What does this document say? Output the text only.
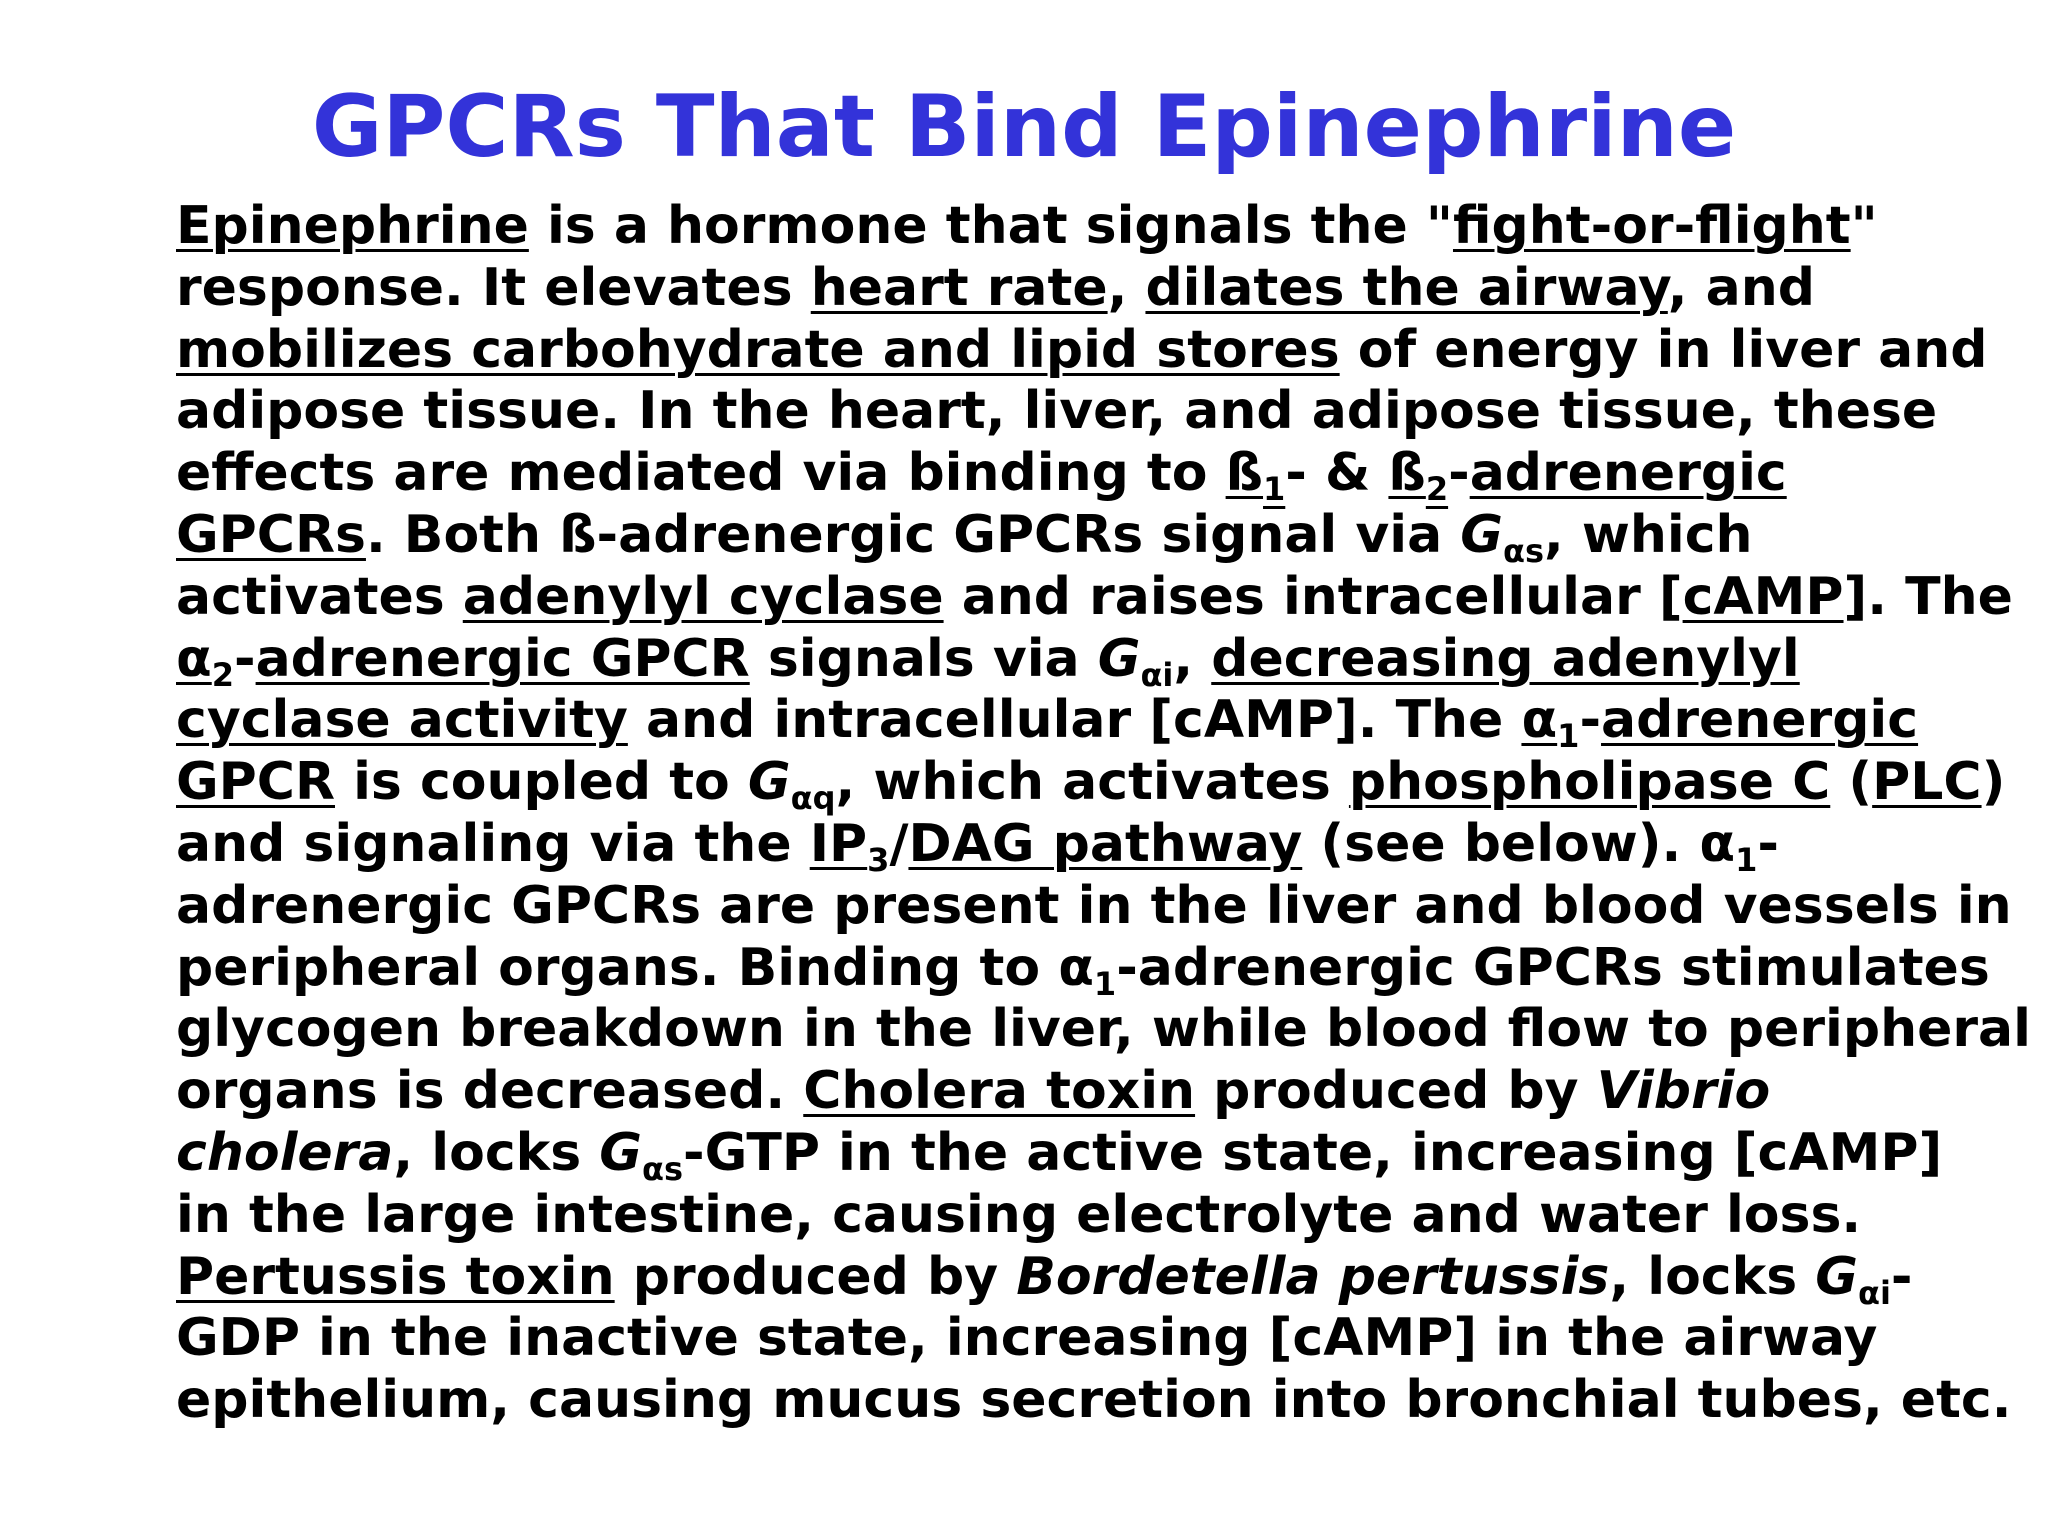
GPCRs That Bind Epinephrine
Epinephrine is a hormone that signals the "fight-or-flight"
response. It elevates heart rate, dilates the airway, and
mobilizes carbohydrate and lipid stores of energy in liver and
adipose tissue. In the heart, liver, and adipose tissue, these
effects are mediated via binding to $ß_1-$ & $ß_2$-adrenergic
GPCRs. Both ß-adrenergic GPCRs signal via $G_{\alpha s}$, which
activates adenylyl cyclase and raises intracellular [cAMP]. The
$\alpha_2$-adrenergic GPCR signals via $G_{\alpha i}$, decreasing adenylyl
cyclase activity and intracellular [cAMP]. The $\alpha_1$-adrenergic
GPCR is coupled to $G_{\alpha q}$, which activates phospholipase C (PLC)
and signaling via the $IP_3$/DAG pathway (see below). $\alpha_1-$
adrenergic GPCRs are present in the liver and blood vessels in
peripheral organs. Binding to $\alpha_1$-adrenergic GPCRs stimulates
glycogen breakdown in the liver, while blood flow to peripheral
organs is decreased. Cholera toxin produced by Vibrio
cholera, locks $G_{\alpha s}$-GTP in the active state, increasing [cAMP]
in the large intestine, causing electrolyte and water loss.
Pertussis toxin produced by Bordetella pertussis, locks $G_{\alpha i}-$
GDP in the inactive state, increasing [cAMP] in the airway
epithelium, causing mucus secretion into bronchial tubes, etc.
